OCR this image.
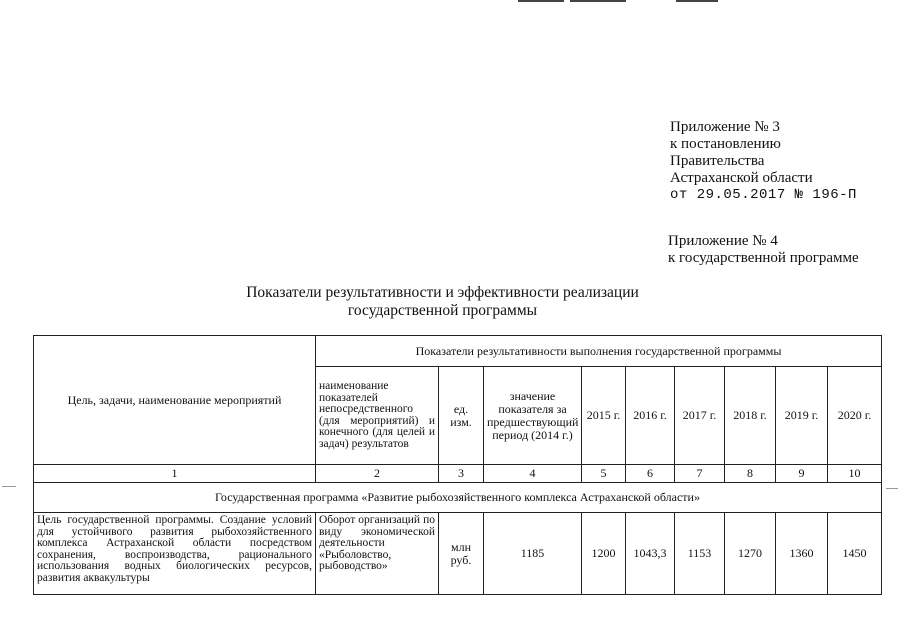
Приложение № 3
к постановлению
Правительства
Астраханской области
от 29.05.2017 № 196-П
Приложение № 4
к государственной программе
Показатели результативности и эффективности реализации
государственной программы
Цель, задачи, наименование мероприятий	Показатели результативности выполнения государственной программы								
	наименование показателей непосредственного (для мероприятий) и конечного (для целей и задач) результатов	ед. изм.	значение показателя за предшествующий период (2014 г.)	2015 г.	2016 г.	2017 г.	2018 г.	2019 г.	2020 г.
1	2	3	4	5	6	7	8	9	10
Государственная программа «Развитие рыбохозяйственного комплекса Астраханской области»									
Цель государственной программы. Создание условий для устойчивого развития рыбохозяйственного комплекса Астраханской области посредством сохранения, воспроизводства, рационального использования водных биологических ресурсов, развития аквакультуры	Оборот организаций по виду экономической деятельности «Рыболовство, рыбоводство»	млн руб.	1185	1200	1043,3	1153	1270	1360	1450
